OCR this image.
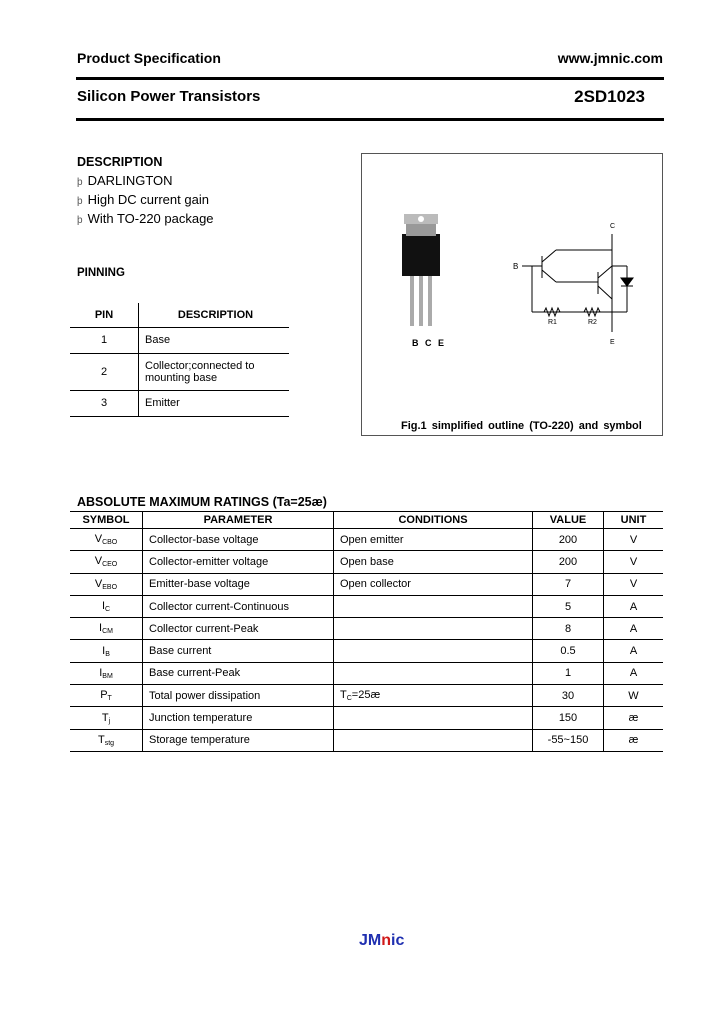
Product Specification	www.jmnic.com
Silicon Power Transistors	2SD1023
DESCRIPTION
þ DARLINGTON
þ High DC current gain
þ With TO-220 package
PINNING
PIN	DESCRIPTION
1	Base
2	Collector;connected to mounting base
3	Emitter
C
B
R1	R2
E
B C E
Fig.1 simplified outline (TO-220) and symbol
ABSOLUTE MAXIMUM RATINGS (Ta=25æ)
SYMBOL	PARAMETER	CONDITIONS	VALUE	UNIT
$V_{CBO}$	Collector-base voltage	Open emitter	200	V
$V_{CEO}$	Collector-emitter voltage	Open base	200	V
$V_{EBO}$	Emitter-base voltage	Open collector	7	V
$I_C$	Collector current-Continuous		5	A
$I_{CM}$	Collector current-Peak		8	A
$I_B$	Base current		0.5	A
$I_{BM}$	Base current-Peak		1	A
$P_T$	Total power dissipation	$T_C=25æ$	30	W
$T_j$	Junction temperature		150	æ
$T_{stg}$	Storage temperature		-55~150	æ
JMnic
